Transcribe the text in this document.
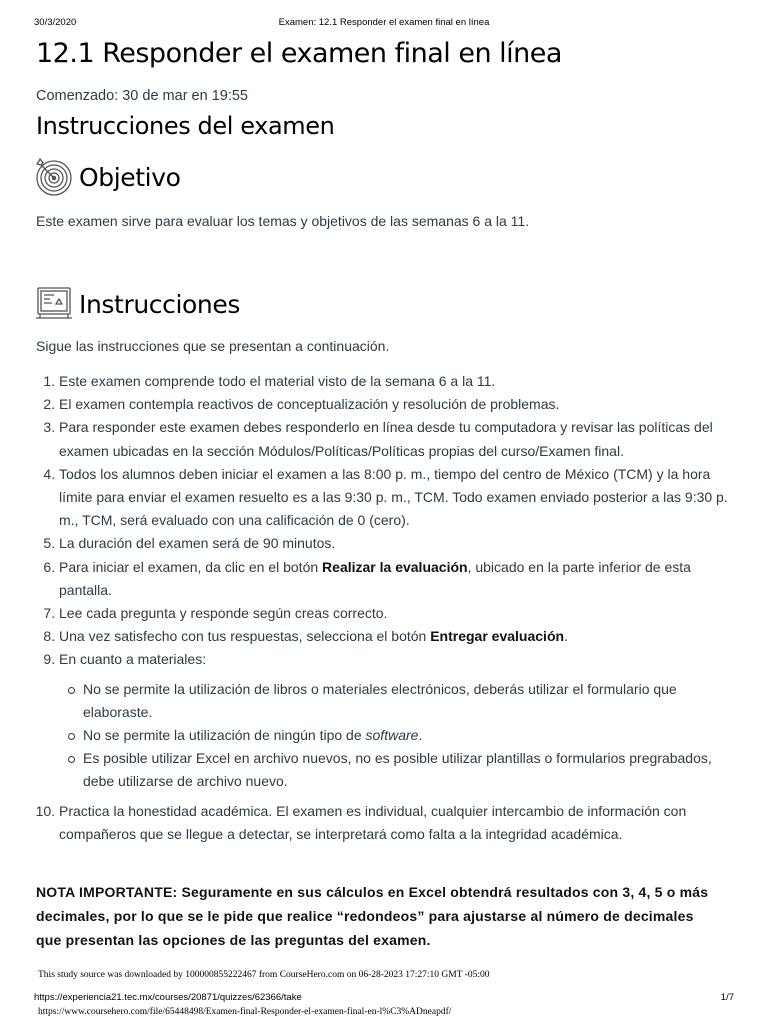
30/3/2020	Examen: 12.1 Responder el examen final en línea
12.1 Responder el examen final en línea
Comenzado: 30 de mar en 19:55
Instrucciones del examen
Objetivo

Este examen sirve para evaluar los temas y objetivos de las semanas 6 a la 11.

Instrucciones

Sigue las instrucciones que se presentan a continuación.

1. Este examen comprende todo el material visto de la semana 6 a la 11.
2. El examen contempla reactivos de conceptualización y resolución de problemas.
3. Para responder este examen debes responderlo en línea desde tu computadora y revisar las políticas del examen ubicadas en la sección Módulos/Políticas/Políticas propias del curso/Examen final.
4. Todos los alumnos deben iniciar el examen a las 8:00 p. m., tiempo del centro de México (TCM) y la hora límite para enviar el examen resuelto es a las 9:30 p. m., TCM. Todo examen enviado posterior a las 9:30 p. m., TCM, será evaluado con una calificación de 0 (cero).
5. La duración del examen será de 90 minutos.
6. Para iniciar el examen, da clic en el botón Realizar la evaluación, ubicado en la parte inferior de esta pantalla.
7. Lee cada pregunta y responde según creas correcto.
8. Una vez satisfecho con tus respuestas, selecciona el botón Entregar evaluación.
9. En cuanto a materiales:
No se permite la utilización de libros o materiales electrónicos, deberás utilizar el formulario que elaboraste.
No se permite la utilización de ningún tipo de software.
Es posible utilizar Excel en archivo nuevos, no es posible utilizar plantillas o formularios pregrabados, debe utilizarse de archivo nuevo.
10. Practica la honestidad académica. El examen es individual, cualquier intercambio de información con compañeros que se llegue a detectar, se interpretará como falta a la integridad académica.

NOTA IMPORTANTE: Seguramente en sus cálculos en Excel obtendrá resultados con 3, 4, 5 o más decimales, por lo que se le pide que realice “redondeos” para ajustarse al número de decimales que presentan las opciones de las preguntas del examen.

This study source was downloaded by 100000855222467 from CourseHero.com on 06-28-2023 17:27:10 GMT -05:00
https://experiencia21.tec.mx/courses/20871/quizzes/62366/take	1/7
https://www.coursehero.com/file/65448498/Examen-final-Responder-el-examen-final-en-l%C3%ADneapdf/
